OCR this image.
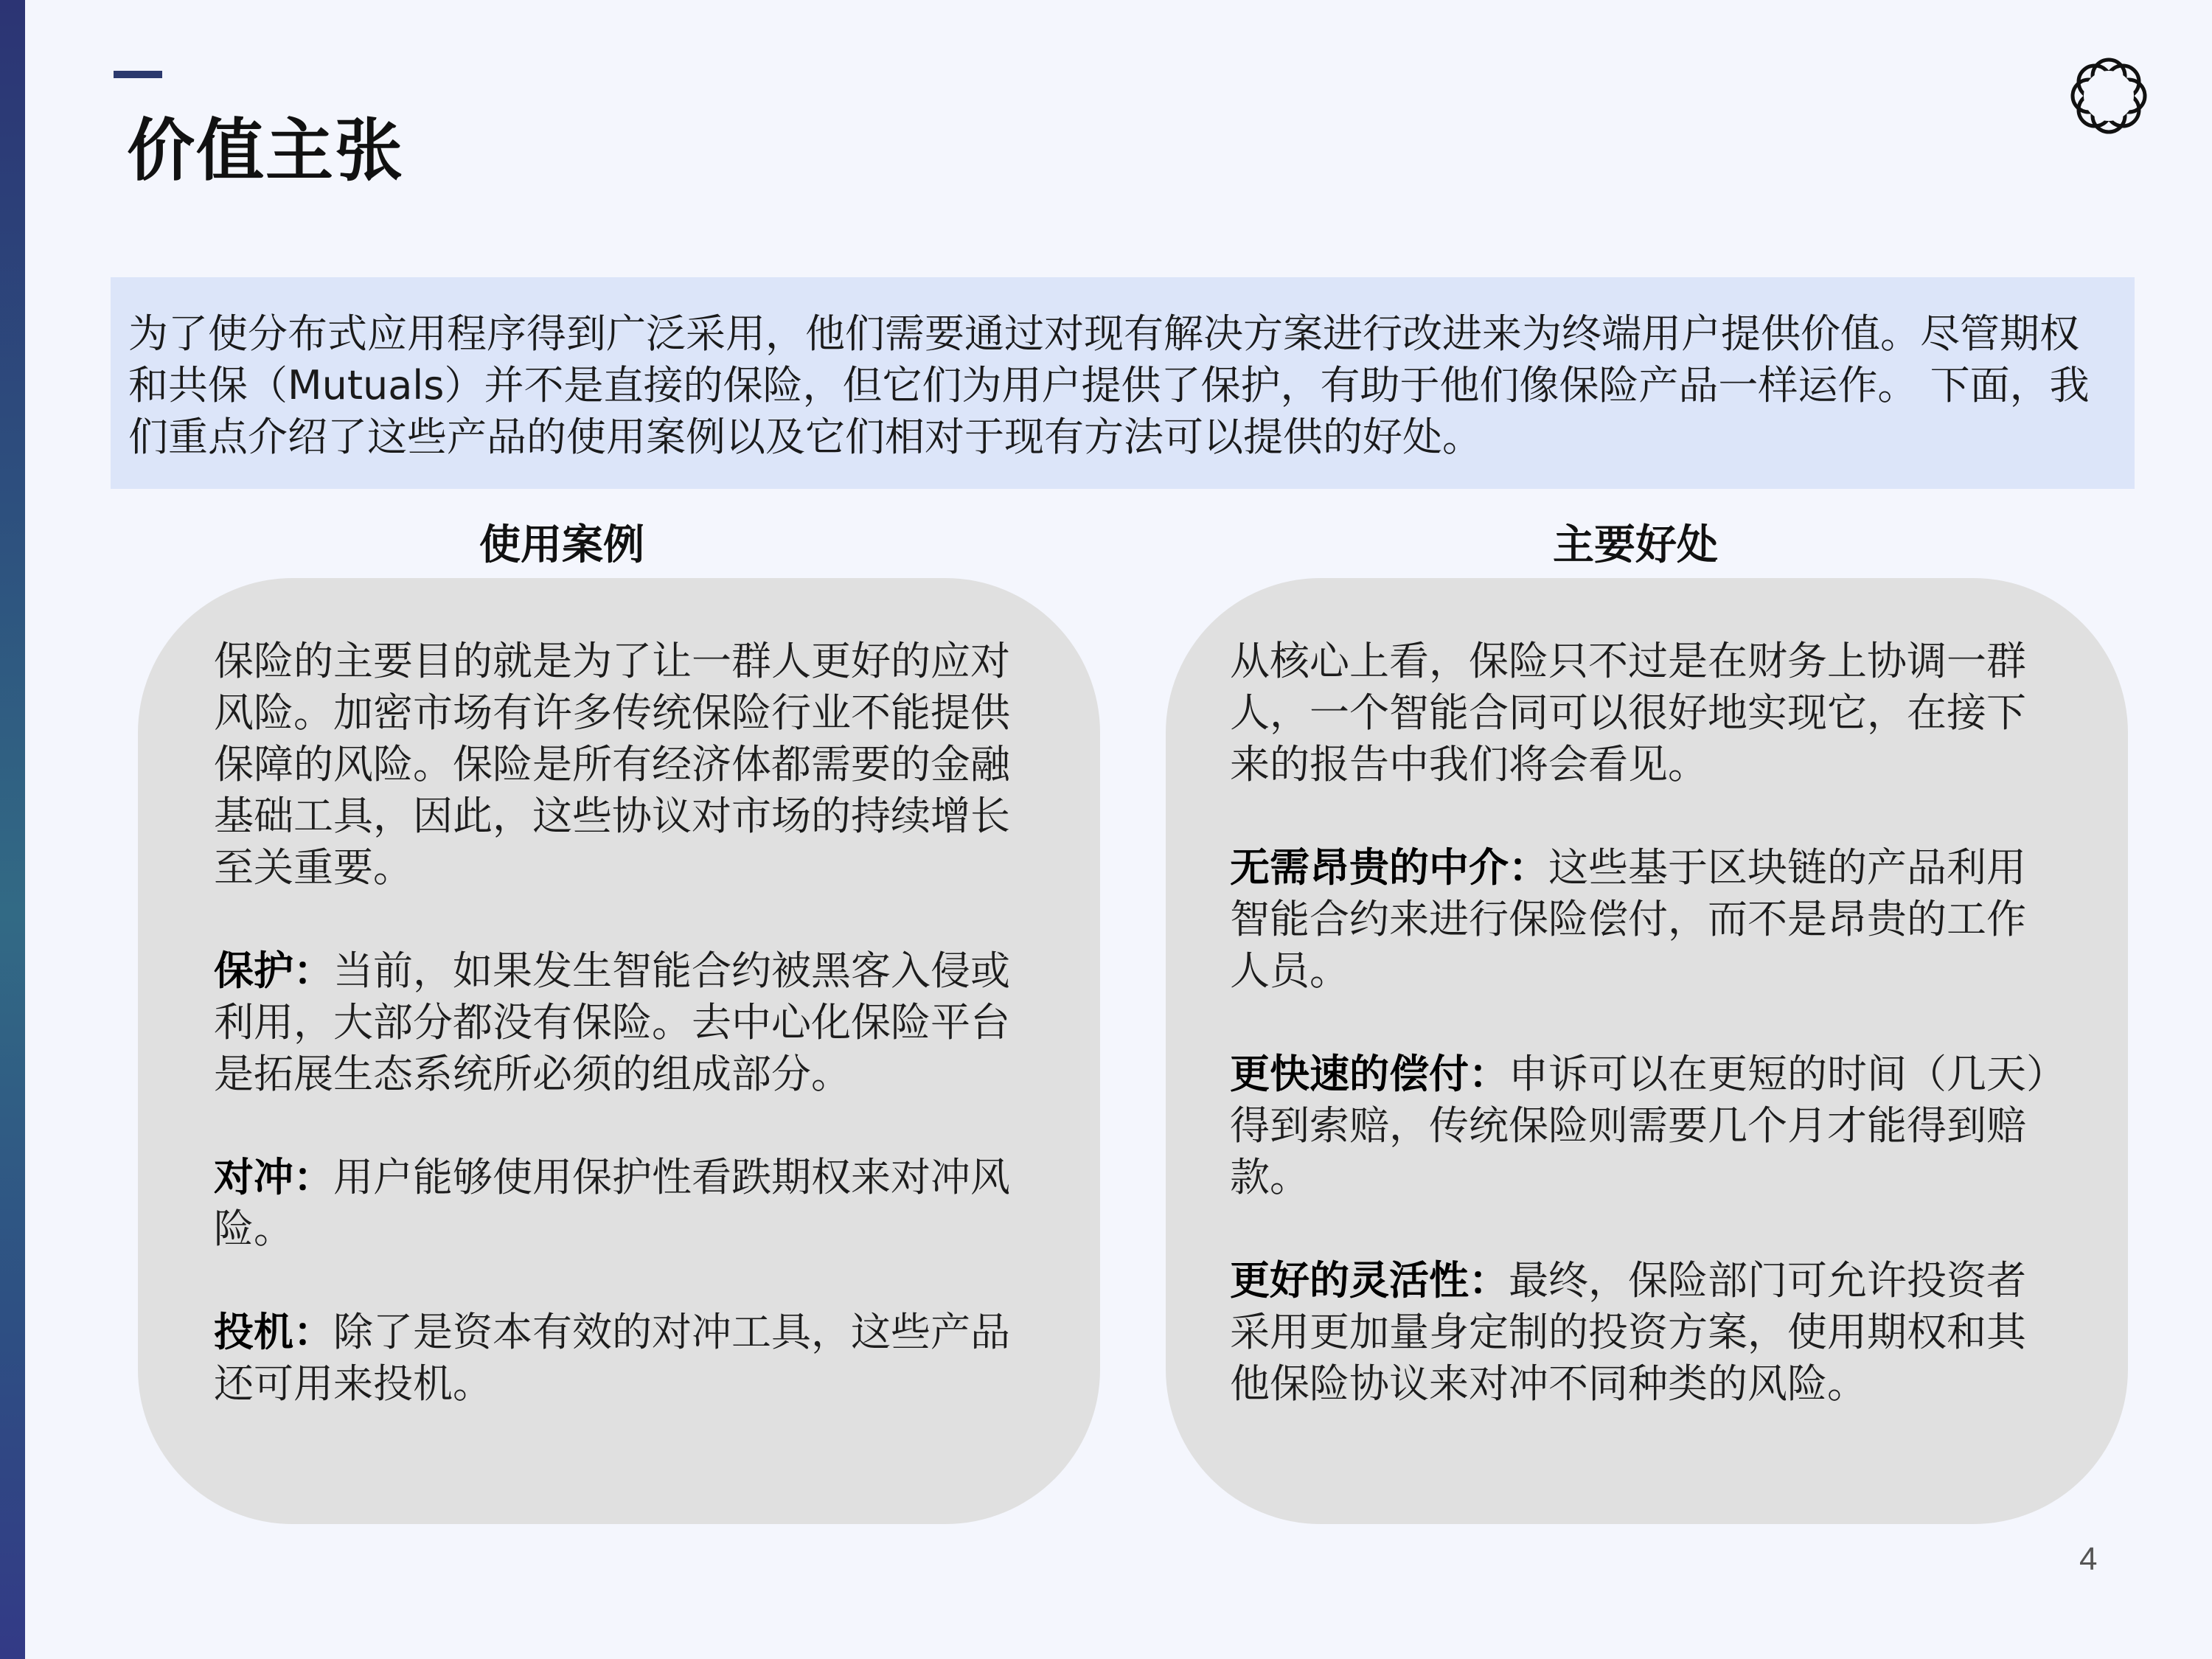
价值主张

为了使分布式应用程序得到广泛采用，他们需要通过对现有解决方案进行改进来为终端用户提供价值。尽管期权和共保（Mutuals）并不是直接的保险，但它们为用户提供了保护，有助于他们像保险产品一样运作。 下面，我们重点介绍了这些产品的使用案例以及它们相对于现有方法可以提供的好处。

使用案例	主要好处

保险的主要目的就是为了让一群人更好的应对风险。加密市场有许多传统保险行业不能提供保障的风险。保险是所有经济体都需要的金融基础工具，因此，这些协议对市场的持续增长至关重要。

保护：当前，如果发生智能合约被黑客入侵或利用，大部分都没有保险。去中心化保险平台是拓展生态系统所必须的组成部分。

对冲：用户能够使用保护性看跌期权来对冲风险。

投机：除了是资本有效的对冲工具，这些产品还可用来投机。

从核心上看，保险只不过是在财务上协调一群人，一个智能合同可以很好地实现它，在接下来的报告中我们将会看见。

无需昂贵的中介：这些基于区块链的产品利用智能合约来进行保险偿付，而不是昂贵的工作人员。

更快速的偿付：申诉可以在更短的时间（几天）得到索赔，传统保险则需要几个月才能得到赔款。

更好的灵活性：最终，保险部门可允许投资者采用更加量身定制的投资方案，使用期权和其他保险协议来对冲不同种类的风险。

4
